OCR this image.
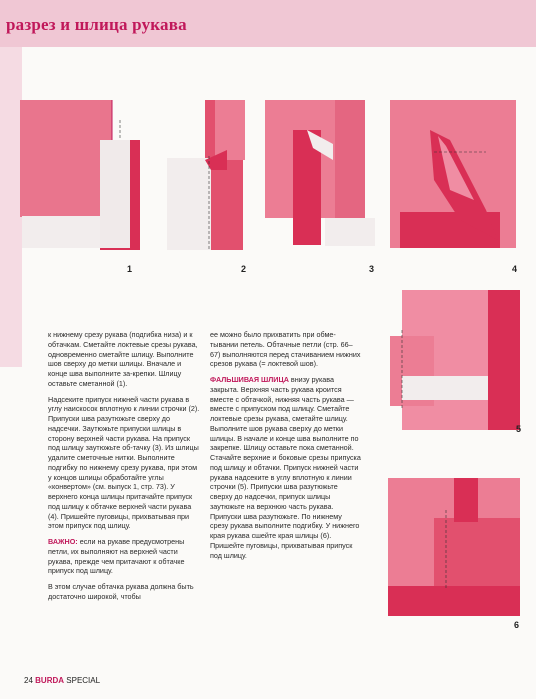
разрез и шлица рукава
1	2	3	4
5
6

к нижнему срезу рукава (подгибка низа) и к обтачкам. Сметайте локтевые срезы рукава, одновременно сметайте шлицу. Выполните шов сверху до метки шлицы. Вначале и конце шва выполните за-крепки. Шлицу оставьте сметанной (1).

Надсеките припуск нижней части рукава в углу наискосок вплотную к линии строчки (2). Припуски шва разутюжьте сверху до надсечки. Заутюжьте припуски шлицы в сторону верхней части рукава. На припуск под шлицу заутюжьте об-тачку (3). Из шлицы удалите сметочные нитки. Выполните подгибку по нижнему срезу рукава, при этом у концов шлицы обработайте углы «конвертом» (см. выпуск 1, стр. 73). У верхнего конца шлицы притачайте припуск под шлицу к обтачке верхней части рукава (4). Пришейте пуговицы, прихватывая при этом припуск под шлицу.

ВАЖНО: если на рукаве предусмотрены петли, их выполняют на верхней части рукава, прежде чем притачают к обтачке припуск под шлицу.

В этом случае обтачка рукава должна быть достаточно широкой, чтобы

ее можно было прихватить при обме-тывании петель. Обтачные петли (стр. 66–67) выполняются перед стачиванием нижних срезов рукава (= локтевой шов).

ФАЛЬШИВАЯ ШЛИЦА внизу рукава закрыта. Верхняя часть рукава кроится вместе с обтачкой, нижняя часть рукава — вместе с припуском под шлицу. Сметайте локтевые срезы рукава, сметайте шлицу. Выполните шов рукава сверху до метки шлицы. В начале и конце шва выполните по закрепке. Шлицу оставьте пока сметанной. Стачайте верхние и боковые срезы припуска под шлицу и обтачки. Припуск нижней части рукава надсеките в углу вплотную к линии строчки (5). Припуски шва разутюжьте сверху до надсечки, припуск шлицы заутюжьте на верхнюю часть рукава. Припуски шва разутюжьте. По нижнему срезу рукава выполните подгибку. У нижнего края рукава сшейте края шлицы (6). Пришейте пуговицы, прихватывая припуск под шлицу.

24 BURDA SPECIAL
